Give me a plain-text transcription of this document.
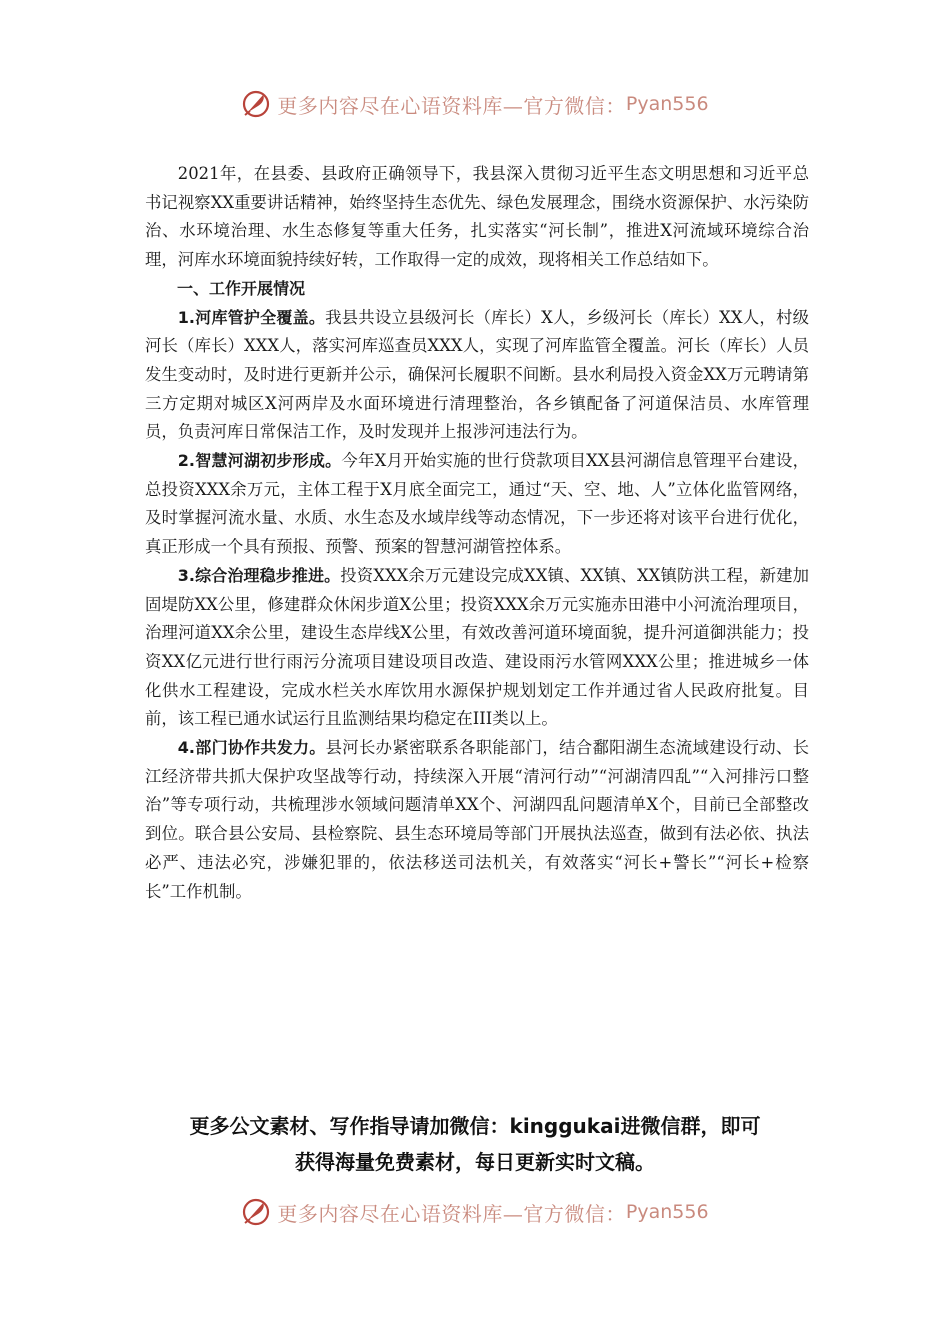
更多内容尽在心语资料库—官方微信： Pyan556

2021年，在县委、县政府正确领导下，我县深入贯彻习近平生态文明思想和习近平总书记视察XX重要讲话精神，始终坚持生态优先、绿色发展理念，围绕水资源保护、水污染防治、水环境治理、水生态修复等重大任务，扎实落实“河长制”，推进X河流域环境综合治理，河库水环境面貌持续好转，工作取得一定的成效，现将相关工作总结如下。

一、工作开展情况

1.河库管护全覆盖。我县共设立县级河长（库长）X人，乡级河长（库长）XX人，村级河长（库长）XXX人，落实河库巡查员XXX人，实现了河库监管全覆盖。河长（库长）人员发生变动时，及时进行更新并公示，确保河长履职不间断。县水利局投入资金XX万元聘请第三方定期对城区X河两岸及水面环境进行清理整治，各乡镇配备了河道保洁员、水库管理员，负责河库日常保洁工作，及时发现并上报涉河违法行为。

2.智慧河湖初步形成。今年X月开始实施的世行贷款项目XX县河湖信息管理平台建设，总投资XXX余万元，主体工程于X月底全面完工，通过“天、空、地、人”立体化监管网络，及时掌握河流水量、水质、水生态及水域岸线等动态情况，下一步还将对该平台进行优化，真正形成一个具有预报、预警、预案的智慧河湖管控体系。

3.综合治理稳步推进。投资XXX余万元建设完成XX镇、XX镇、XX镇防洪工程，新建加固堤防XX公里，修建群众休闲步道X公里；投资XXX余万元实施赤田港中小河流治理项目，治理河道XX余公里，建设生态岸线X公里，有效改善河道环境面貌，提升河道御洪能力；投资XX亿元进行世行雨污分流项目建设项目改造、建设雨污水管网XXX公里；推进城乡一体化供水工程建设，完成水栏关水库饮用水源保护规划划定工作并通过省人民政府批复。目前，该工程已通水试运行且监测结果均稳定在III类以上。

4.部门协作共发力。县河长办紧密联系各职能部门，结合鄱阳湖生态流域建设行动、长江经济带共抓大保护攻坚战等行动，持续深入开展“清河行动”“河湖清四乱”“入河排污口整治”等专项行动，共梳理涉水领域问题清单XX个、河湖四乱问题清单X个，目前已全部整改到位。联合县公安局、县检察院、县生态环境局等部门开展执法巡查，做到有法必依、执法必严、违法必究，涉嫌犯罪的，依法移送司法机关，有效落实“河长+警长”“河长+检察长”工作机制。

更多公文素材、写作指导请加微信：kinggukai进微信群，即可
获得海量免费素材，每日更新实时文稿。
更多内容尽在心语资料库—官方微信： Pyan556
